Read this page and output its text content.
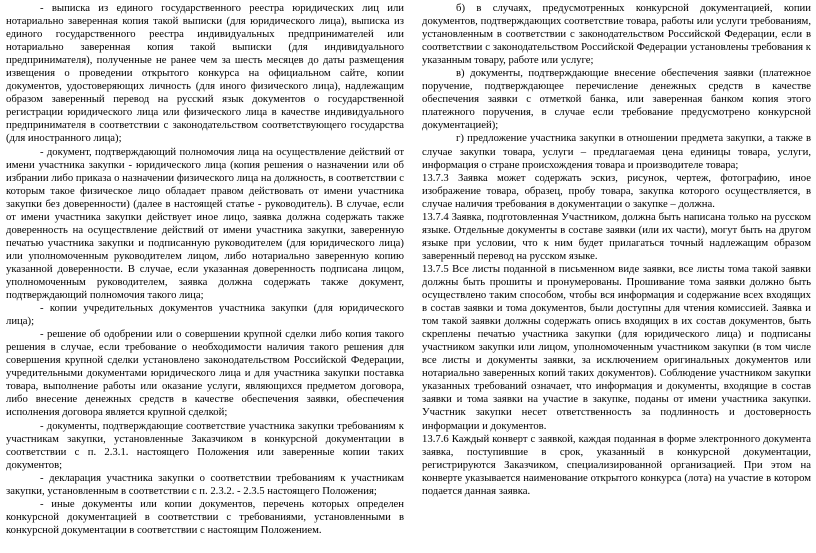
- выписка из единого государственного реестра юридических лиц или нотариально заверенная копия такой выписки (для юридического лица), выписка из единого государственного реестра индивидуальных предпринимателей или нотариально заверенная копия такой выписки (для индивидуального предпринимателя), полученные не ранее чем за шесть месяцев до даты размещения извещения о проведении открытого конкурса на официальном сайте, копии документов, удостоверяющих личность (для иного физического лица), надлежащим образом заверенный перевод на русский язык документов о государственной регистрации юридического лица или физического лица в качестве индивидуального предпринимателя в соответствии с законодательством соответствующего государства (для иностранного лица);

- документ, подтверждающий полномочия лица на осуществление действий от имени участника закупки - юридического лица (копия решения о назначении или об избрании либо приказа о назначении физического лица на должность, в соответствии с которым такое физическое лицо обладает правом действовать от имени участника закупки без доверенности) (далее в настоящей статье - руководитель). В случае, если от имени участника закупки действует иное лицо, заявка должна содержать также доверенность на осуществление действий от имени участника закупки, заверенную печатью участника закупки и подписанную руководителем (для юридического лица) или уполномоченным руководителем лицом, либо нотариально заверенную копию указанной доверенности. В случае, если указанная доверенность подписана лицом, уполномоченным руководителем, заявка должна содержать также документ, подтверждающий полномочия такого лица;

- копии учредительных документов участника закупки (для юридического лица);

- решение об одобрении или о совершении крупной сделки либо копия такого решения в случае, если требование о необходимости наличия такого решения для совершения крупной сделки установлено законодательством Российской Федерации, учредительными документами юридического лица и для участника закупки поставка товара, выполнение работы или оказание услуги, являющихся предметом договора, либо внесение денежных средств в качестве обеспечения заявки, обеспечения исполнения договора является крупной сделкой;

- документы, подтверждающие соответствие участника закупки требованиям к участникам закупки, установленные Заказчиком в конкурсной документации в соответствии с п. 2.3.1. настоящего Положения или заверенные копии таких документов;

- декларация участника закупки о соответствии требованиям к участникам закупки, установленным в соответствии с п. 2.3.2. - 2.3.5 настоящего Положения;

- иные документы или копии документов, перечень которых определен конкурсной документацией в соответствии с требованиями, установленными в конкурсной документации в соответствии с настоящим Положением.

б) в случаях, предусмотренных конкурсной документацией, копии документов, подтверждающих соответствие товара, работы или услуги требованиям, установленным в соответствии с законодательством Российской Федерации, если в соответствии с законодательством Российской Федерации установлены требования к указанным товару, работе или услуге;

в) документы, подтверждающие внесение обеспечения заявки (платежное поручение, подтверждающее перечисление денежных средств в качестве обеспечения заявки с отметкой банка, или заверенная банком копия этого платежного поручения, в случае если требование предусмотрено конкурсной документацией);

г) предложение участника закупки в отношении предмета закупки, а также в случае закупки товара, услуги – предлагаемая цена единицы товара, услуги, информация о стране происхождения товара и производителе товара;

13.7.3 Заявка может содержать эскиз, рисунок, чертеж, фотографию, иное изображение товара, образец, пробу товара, закупка которого осуществляется, в случае наличия требования в документации о закупке – должна.

13.7.4 Заявка, подготовленная Участником, должна быть написана только на русском языке. Отдельные документы в составе заявки (или их части), могут быть на другом языке при условии, что к ним будет прилагаться точный надлежащим образом заверенный перевод на русском языке.

13.7.5 Все листы поданной в письменном виде заявки, все листы тома такой заявки должны быть прошиты и пронумерованы. Прошивание тома заявки должно быть осуществлено таким способом, чтобы вся информация и содержание всех входящих в состав заявки и тома документов, были доступны для чтения комиссией. Заявка и том такой заявки должны содержать опись входящих в их состав документов, быть скреплены печатью участника закупки (для юридического лица) и подписаны участником закупки или лицом, уполномоченным участником закупки (в том числе все листы и документы заявки, за исключением оригинальных документов или нотариально заверенных копий таких документов). Соблюдение участником закупки указанных требований означает, что информация и документы, входящие в состав заявки и тома заявки на участие в закупке, поданы от имени участника закупки. Участник закупки несет ответственность за подлинность и достоверность информации и документов.

13.7.6 Каждый конверт с заявкой, каждая поданная в форме электронного документа заявка, поступившие в срок, указанный в конкурсной документации, регистрируются Заказчиком, специализированной организацией. При этом на конверте указывается наименование открытого конкурса (лота) на участие в котором подается данная заявка.
